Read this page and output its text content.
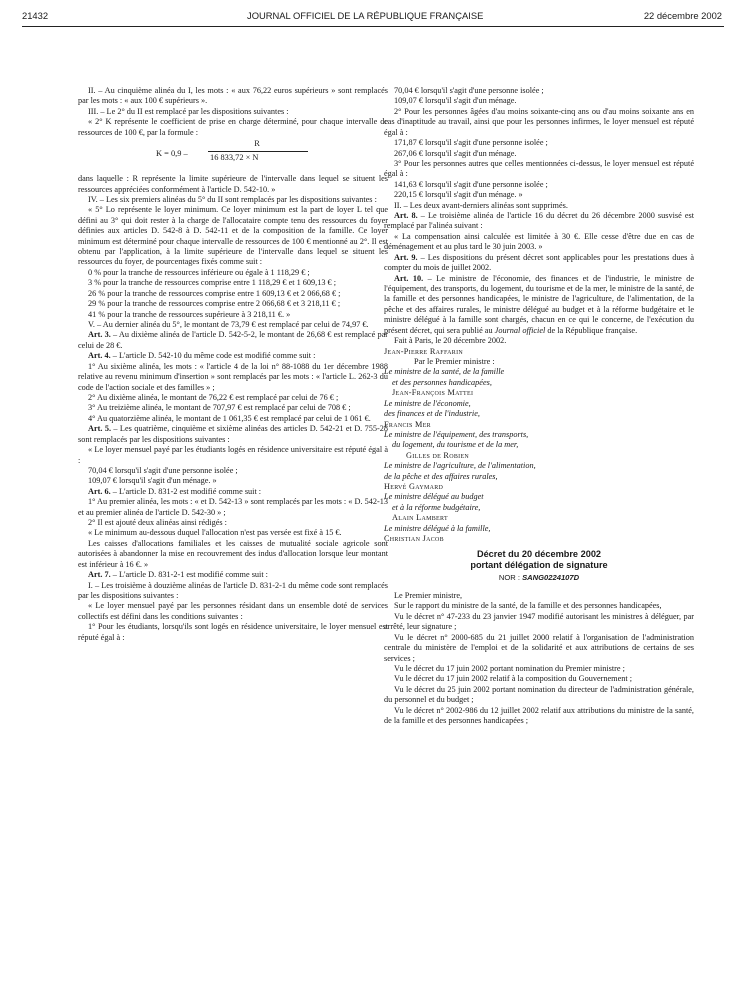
21432	JOURNAL OFFICIEL DE LA RÉPUBLIQUE FRANÇAISE	22 décembre 2002

II. – Au cinquième alinéa du I, les mots : « aux 76,22 euros supérieurs » sont remplacés par les mots : « aux 100 € supérieurs ».

III. – Le 2° du II est remplacé par les dispositions suivantes :

« 2° K représente le coefficient de prise en charge déterminé, pour chaque intervalle de ressources de 100 €, par la formule :

K = 0,9 –
R
16 833,72 × N

dans laquelle : R représente la limite supérieure de l'intervalle dans lequel se situent les ressources appréciées conformément à l'article D. 542-10. »

IV. – Les six premiers alinéas du 5° du II sont remplacés par les dispositions suivantes :

« 5° Lo représente le loyer minimum. Ce loyer minimum est la part de loyer L tel que défini au 3° qui doit rester à la charge de l'allocataire compte tenu des ressources du foyer définies aux articles D. 542-8 à D. 542-11 et de la composition de la famille. Ce loyer minimum est déterminé pour chaque intervalle de ressources de 100 € mentionné au 2°. Il est obtenu par l'application, à la limite supérieure de l'intervalle dans lequel se situent les ressources du foyer, de pourcentages fixés comme suit :

0 % pour la tranche de ressources inférieure ou égale à 1 118,29 € ;

3 % pour la tranche de ressources comprise entre 1 118,29 € et 1 609,13 € ;

26 % pour la tranche de ressources comprise entre 1 609,13 € et 2 066,68 € ;

29 % pour la tranche de ressources comprise entre 2 066,68 € et 3 218,11 € ;

41 % pour la tranche de ressources supérieure à 3 218,11 €. »

V. – Au dernier alinéa du 5°, le montant de 73,79 € est remplacé par celui de 74,97 €.

Art. 3. – Au dixième alinéa de l'article D. 542-5-2, le montant de 26,68 € est remplacé par celui de 28 €.

Art. 4. – L'article D. 542-10 du même code est modifié comme suit :

1° Au sixième alinéa, les mots : « l'article 4 de la loi n° 88-1088 du 1er décembre 1988 relative au revenu minimum d'insertion » sont remplacés par les mots : « l'article L. 262-3 du code de l'action sociale et des familles » ;

2° Au dixième alinéa, le montant de 76,22 € est remplacé par celui de 76 € ;

3° Au treizième alinéa, le montant de 707,97 € est remplacé par celui de 708 € ;

4° Au quatorzième alinéa, le montant de 1 061,35 € est remplacé par celui de 1 061 €.

Art. 5. – Les quatrième, cinquième et sixième alinéas des articles D. 542-21 et D. 755-28 sont remplacés par les dispositions suivantes :

« Le loyer mensuel payé par les étudiants logés en résidence universitaire est réputé égal à :

70,04 € lorsqu'il s'agit d'une personne isolée ;

109,07 € lorsqu'il s'agit d'un ménage. »

Art. 6. – L'article D. 831-2 est modifié comme suit :

1° Au premier alinéa, les mots : « et D. 542-13 » sont remplacés par les mots : « D. 542-13 et au premier alinéa de l'article D. 542-30 » ;

2° Il est ajouté deux alinéas ainsi rédigés :

« Le minimum au-dessous duquel l'allocation n'est pas versée est fixé à 15 €.

Les caisses d'allocations familiales et les caisses de mutualité sociale agricole sont autorisées à abandonner la mise en recouvrement des indus d'allocation lorsque leur montant est inférieur à 16 €. »

Art. 7. – L'article D. 831-2-1 est modifié comme suit :

I. – Les troisième à douzième alinéas de l'article D. 831-2-1 du même code sont remplacés par les dispositions suivantes :

« Le loyer mensuel payé par les personnes résidant dans un ensemble doté de services collectifs est défini dans les conditions suivantes :

1° Pour les étudiants, lorsqu'ils sont logés en résidence universitaire, le loyer mensuel est réputé égal à :

70,04 € lorsqu'il s'agit d'une personne isolée ;

109,07 € lorsqu'il s'agit d'un ménage.

2° Pour les personnes âgées d'au moins soixante-cinq ans ou d'au moins soixante ans en cas d'inaptitude au travail, ainsi que pour les personnes infirmes, le loyer mensuel est réputé égal à :

171,87 € lorsqu'il s'agit d'une personne isolée ;

267,06 € lorsqu'il s'agit d'un ménage.

3° Pour les personnes autres que celles mentionnées ci-dessus, le loyer mensuel est réputé égal à :

141,63 € lorsqu'il s'agit d'une personne isolée ;

220,15 € lorsqu'il s'agit d'un ménage. »

II. – Les deux avant-derniers alinéas sont supprimés.

Art. 8. – Le troisième alinéa de l'article 16 du décret du 26 décembre 2000 susvisé est remplacé par l'alinéa suivant :

« La compensation ainsi calculée est limitée à 30 €. Elle cesse d'être due en cas de déménagement et au plus tard le 30 juin 2003. »

Art. 9. – Les dispositions du présent décret sont applicables pour les prestations dues à compter du mois de juillet 2002.

Art. 10. – Le ministre de l'économie, des finances et de l'industrie, le ministre de l'équipement, des transports, du logement, du tourisme et de la mer, le ministre de la santé, de la famille et des personnes handicapées, le ministre de l'agriculture, de l'alimentation, de la pêche et des affaires rurales, le ministre délégué au budget et à la réforme budgétaire et le ministre délégué à la famille sont chargés, chacun en ce qui le concerne, de l'exécution du présent décret, qui sera publié au Journal officiel de la République française.

Fait à Paris, le 20 décembre 2002.

Jean-Pierre Raffarin

Par le Premier ministre :

Le ministre de la santé, de la famille

et des personnes handicapées,

Jean-François Mattei

Le ministre de l'économie,

des finances et de l'industrie,

Francis Mer

Le ministre de l'équipement, des transports,

du logement, du tourisme et de la mer,

Gilles de Robien

Le ministre de l'agriculture, de l'alimentation,

de la pêche et des affaires rurales,

Hervé Gaymard

Le ministre délégué au budget

et à la réforme budgétaire,

Alain Lambert

Le ministre délégué à la famille,

Christian Jacob

Décret du 20 décembre 2002
portant délégation de signature
NOR : SANG0224107D

Le Premier ministre,

Sur le rapport du ministre de la santé, de la famille et des personnes handicapées,

Vu le décret n° 47-233 du 23 janvier 1947 modifié autorisant les ministres à déléguer, par arrêté, leur signature ;

Vu le décret n° 2000-685 du 21 juillet 2000 relatif à l'organisation de l'administration centrale du ministère de l'emploi et de la solidarité et aux attributions de certains de ses services ;

Vu le décret du 17 juin 2002 portant nomination du Premier ministre ;

Vu le décret du 17 juin 2002 relatif à la composition du Gouvernement ;

Vu le décret du 25 juin 2002 portant nomination du directeur de l'administration générale, du personnel et du budget ;

Vu le décret n° 2002-986 du 12 juillet 2002 relatif aux attributions du ministre de la santé, de la famille et des personnes handicapées ;
